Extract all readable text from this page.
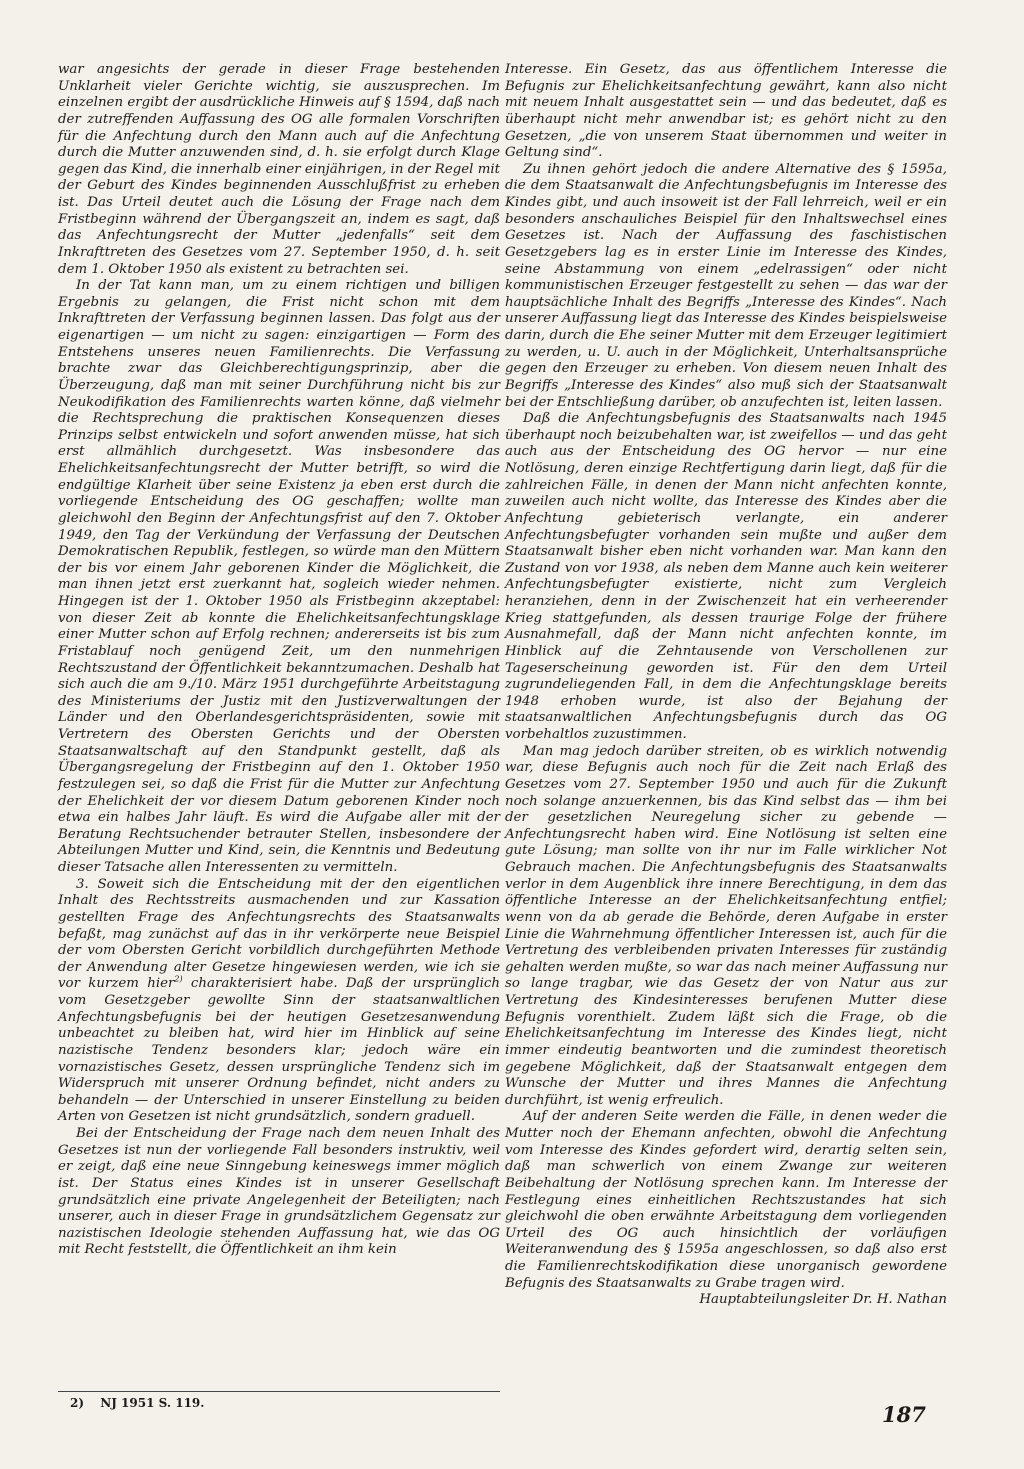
war angesichts der gerade in dieser Frage bestehenden Unklarheit vieler Gerichte wichtig, sie auszusprechen. Im einzelnen ergibt der ausdrückliche Hinweis auf § 1594, daß nach der zutreffenden Auffassung des OG alle formalen Vorschriften für die Anfechtung durch den Mann auch auf die Anfechtung durch die Mutter anzuwenden sind, d. h. sie erfolgt durch Klage gegen das Kind, die innerhalb einer einjährigen, in der Regel mit der Geburt des Kindes beginnenden Ausschlußfrist zu erheben ist. Das Urteil deutet auch die Lösung der Frage nach dem Fristbeginn während der Übergangszeit an, indem es sagt, daß das Anfechtungsrecht der Mutter „jedenfalls“ seit dem Inkrafttreten des Gesetzes vom 27. September 1950, d. h. seit dem 1. Oktober 1950 als existent zu betrachten sei.

In der Tat kann man, um zu einem richtigen und billigen Ergebnis zu gelangen, die Frist nicht schon mit dem Inkrafttreten der Verfassung beginnen lassen. Das folgt aus der eigenartigen — um nicht zu sagen: einzigartigen — Form des Entstehens unseres neuen Familienrechts. Die Verfassung brachte zwar das Gleichberechtigungsprinzip, aber die Überzeugung, daß man mit seiner Durchführung nicht bis zur Neukodifikation des Familienrechts warten könne, daß vielmehr die Rechtsprechung die praktischen Konsequenzen dieses Prinzips selbst entwickeln und sofort anwenden müsse, hat sich erst allmählich durchgesetzt. Was insbesondere das Ehelichkeitsanfechtungsrecht der Mutter betrifft, so wird die endgültige Klarheit über seine Existenz ja eben erst durch die vorliegende Entscheidung des OG geschaffen; wollte man gleichwohl den Beginn der Anfechtungsfrist auf den 7. Oktober 1949, den Tag der Verkündung der Verfassung der Deutschen Demokratischen Republik, festlegen, so würde man den Müttern der bis vor einem Jahr geborenen Kinder die Möglichkeit, die man ihnen jetzt erst zuerkannt hat, sogleich wieder nehmen. Hingegen ist der 1. Oktober 1950 als Fristbeginn akzeptabel: von dieser Zeit ab konnte die Ehelichkeitsanfechtungsklage einer Mutter schon auf Erfolg rechnen; andererseits ist bis zum Fristablauf noch genügend Zeit, um den nunmehrigen Rechtszustand der Öffentlichkeit bekanntzumachen. Deshalb hat sich auch die am 9./10. März 1951 durchgeführte Arbeitstagung des Ministeriums der Justiz mit den Justizverwaltungen der Länder und den Oberlandesgerichtspräsidenten, sowie mit Vertretern des Obersten Gerichts und der Obersten Staatsanwaltschaft auf den Standpunkt gestellt, daß als Übergangsregelung der Fristbeginn auf den 1. Oktober 1950 festzulegen sei, so daß die Frist für die Mutter zur Anfechtung der Ehelichkeit der vor diesem Datum geborenen Kinder noch etwa ein halbes Jahr läuft. Es wird die Aufgabe aller mit der Beratung Rechtsuchender betrauter Stellen, insbesondere der Abteilungen Mutter und Kind, sein, die Kenntnis und Bedeutung dieser Tatsache allen Interessenten zu vermitteln.

3. Soweit sich die Entscheidung mit der den eigentlichen Inhalt des Rechtsstreits ausmachenden und zur Kassation gestellten Frage des Anfechtungsrechts des Staatsanwalts befaßt, mag zunächst auf das in ihr verkörperte neue Beispiel der vom Obersten Gericht vorbildlich durchgeführten Methode der Anwendung alter Gesetze hingewiesen werden, wie ich sie vor kurzem hier$^{2)}$ charakterisiert habe. Daß der ursprünglich vom Gesetzgeber gewollte Sinn der staatsanwaltlichen Anfechtungsbefugnis bei der heutigen Gesetzesanwendung unbeachtet zu bleiben hat, wird hier im Hinblick auf seine nazistische Tendenz besonders klar; jedoch wäre ein vornazistisches Gesetz, dessen ursprüngliche Tendenz sich im Widerspruch mit unserer Ordnung befindet, nicht anders zu behandeln — der Unterschied in unserer Einstellung zu beiden Arten von Gesetzen ist nicht grundsätzlich, sondern graduell.

Bei der Entscheidung der Frage nach dem neuen Inhalt des Gesetzes ist nun der vorliegende Fall besonders instruktiv, weil er zeigt, daß eine neue Sinngebung keineswegs immer möglich ist. Der Status eines Kindes ist in unserer Gesellschaft grundsätzlich eine private Angelegenheit der Beteiligten; nach unserer, auch in dieser Frage in grundsätzlichem Gegensatz zur nazistischen Ideologie stehenden Auffassung hat, wie das OG mit Recht feststellt, die Öffentlichkeit an ihm kein

2) NJ 1951 S. 119.

Interesse. Ein Gesetz, das aus öffentlichem Interesse die Befugnis zur Ehelichkeitsanfechtung gewährt, kann also nicht mit neuem Inhalt ausgestattet sein — und das bedeutet, daß es überhaupt nicht mehr anwendbar ist; es gehört nicht zu den Gesetzen, „die von unserem Staat übernommen und weiter in Geltung sind“.

Zu ihnen gehört jedoch die andere Alternative des § 1595a, die dem Staatsanwalt die Anfechtungsbefugnis im Interesse des Kindes gibt, und auch insoweit ist der Fall lehrreich, weil er ein besonders anschauliches Beispiel für den Inhaltswechsel eines Gesetzes ist. Nach der Auffassung des faschistischen Gesetzgebers lag es in erster Linie im Interesse des Kindes, seine Abstammung von einem „edelrassigen“ oder nicht kommunistischen Erzeuger festgestellt zu sehen — das war der hauptsächliche Inhalt des Begriffs „Interesse des Kindes“. Nach unserer Auffassung liegt das Interesse des Kindes beispielsweise darin, durch die Ehe seiner Mutter mit dem Erzeuger legitimiert zu werden, u. U. auch in der Möglichkeit, Unterhaltsansprüche gegen den Erzeuger zu erheben. Von diesem neuen Inhalt des Begriffs „Interesse des Kindes“ also muß sich der Staatsanwalt bei der Entschließung darüber, ob anzufechten ist, leiten lassen.

Daß die Anfechtungsbefugnis des Staatsanwalts nach 1945 überhaupt noch beizubehalten war, ist zweifellos — und das geht auch aus der Entscheidung des OG hervor — nur eine Notlösung, deren einzige Rechtfertigung darin liegt, daß für die zahlreichen Fälle, in denen der Mann nicht anfechten konnte, zuweilen auch nicht wollte, das Interesse des Kindes aber die Anfechtung gebieterisch verlangte, ein anderer Anfechtungsbefugter vorhanden sein mußte und außer dem Staatsanwalt bisher eben nicht vorhanden war. Man kann den Zustand von vor 1938, als neben dem Manne auch kein weiterer Anfechtungsbefugter existierte, nicht zum Vergleich heranziehen, denn in der Zwischenzeit hat ein verheerender Krieg stattgefunden, als dessen traurige Folge der frühere Ausnahmefall, daß der Mann nicht anfechten konnte, im Hinblick auf die Zehntausende von Verschollenen zur Tageserscheinung geworden ist. Für den dem Urteil zugrundeliegenden Fall, in dem die Anfechtungsklage bereits 1948 erhoben wurde, ist also der Bejahung der staatsanwaltlichen Anfechtungsbefugnis durch das OG vorbehaltlos zuzustimmen.

Man mag jedoch darüber streiten, ob es wirklich notwendig war, diese Befugnis auch noch für die Zeit nach Erlaß des Gesetzes vom 27. September 1950 und auch für die Zukunft noch solange anzuerkennen, bis das Kind selbst das — ihm bei der gesetzlichen Neuregelung sicher zu gebende — Anfechtungsrecht haben wird. Eine Notlösung ist selten eine gute Lösung; man sollte von ihr nur im Falle wirklicher Not Gebrauch machen. Die Anfechtungsbefugnis des Staatsanwalts verlor in dem Augenblick ihre innere Berechtigung, in dem das öffentliche Interesse an der Ehelichkeitsanfechtung entfiel; wenn von da ab gerade die Behörde, deren Aufgabe in erster Linie die Wahrnehmung öffentlicher Interessen ist, auch für die Vertretung des verbleibenden privaten Interesses für zuständig gehalten werden mußte, so war das nach meiner Auffassung nur so lange tragbar, wie das Gesetz der von Natur aus zur Vertretung des Kindesinteresses berufenen Mutter diese Befugnis vorenthielt. Zudem läßt sich die Frage, ob die Ehelichkeitsanfechtung im Interesse des Kindes liegt, nicht immer eindeutig beantworten und die zumindest theoretisch gegebene Möglichkeit, daß der Staatsanwalt entgegen dem Wunsche der Mutter und ihres Mannes die Anfechtung durchführt, ist wenig erfreulich.

Auf der anderen Seite werden die Fälle, in denen weder die Mutter noch der Ehemann anfechten, obwohl die Anfechtung vom Interesse des Kindes gefordert wird, derartig selten sein, daß man schwerlich von einem Zwange zur weiteren Beibehaltung der Notlösung sprechen kann. Im Interesse der Festlegung eines einheitlichen Rechtszustandes hat sich gleichwohl die oben erwähnte Arbeitstagung dem vorliegenden Urteil des OG auch hinsichtlich der vorläufigen Weiteranwendung des § 1595a angeschlossen, so daß also erst die Familienrechtskodifikation diese unorganisch gewordene Befugnis des Staatsanwalts zu Grabe tragen wird.

Hauptabteilungsleiter Dr. H. Nathan

187
